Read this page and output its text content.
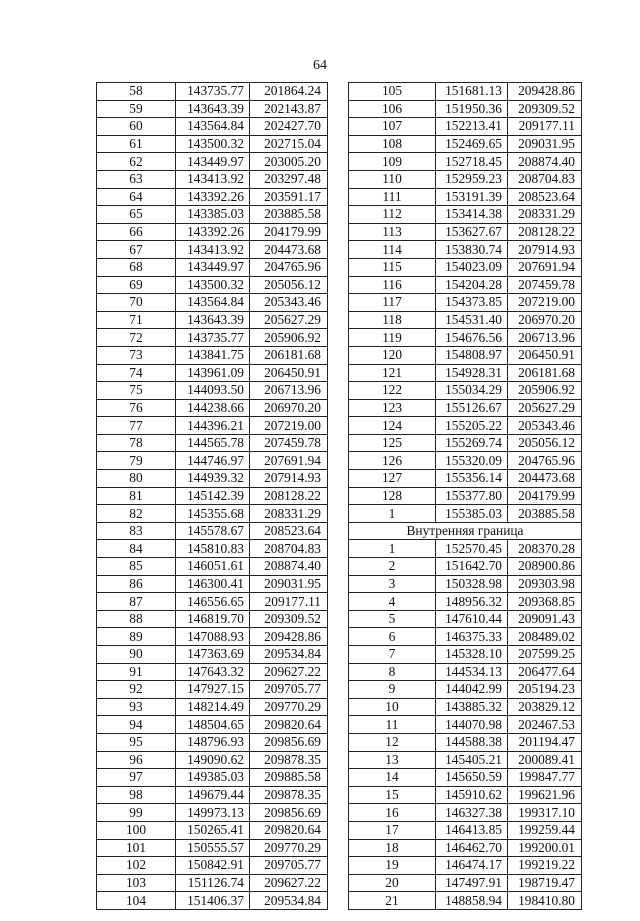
64
58	143735.77	201864.24
59	143643.39	202143.87
60	143564.84	202427.70
61	143500.32	202715.04
62	143449.97	203005.20
63	143413.92	203297.48
64	143392.26	203591.17
65	143385.03	203885.58
66	143392.26	204179.99
67	143413.92	204473.68
68	143449.97	204765.96
69	143500.32	205056.12
70	143564.84	205343.46
71	143643.39	205627.29
72	143735.77	205906.92
73	143841.75	206181.68
74	143961.09	206450.91
75	144093.50	206713.96
76	144238.66	206970.20
77	144396.21	207219.00
78	144565.78	207459.78
79	144746.97	207691.94
80	144939.32	207914.93
81	145142.39	208128.22
82	145355.68	208331.29
83	145578.67	208523.64
84	145810.83	208704.83
85	146051.61	208874.40
86	146300.41	209031.95
87	146556.65	209177.11
88	146819.70	209309.52
89	147088.93	209428.86
90	147363.69	209534.84
91	147643.32	209627.22
92	147927.15	209705.77
93	148214.49	209770.29
94	148504.65	209820.64
95	148796.93	209856.69
96	149090.62	209878.35
97	149385.03	209885.58
98	149679.44	209878.35
99	149973.13	209856.69
100	150265.41	209820.64
101	150555.57	209770.29
102	150842.91	209705.77
103	151126.74	209627.22
104	151406.37	209534.84
105	151681.13	209428.86
106	151950.36	209309.52
107	152213.41	209177.11
108	152469.65	209031.95
109	152718.45	208874.40
110	152959.23	208704.83
111	153191.39	208523.64
112	153414.38	208331.29
113	153627.67	208128.22
114	153830.74	207914.93
115	154023.09	207691.94
116	154204.28	207459.78
117	154373.85	207219.00
118	154531.40	206970.20
119	154676.56	206713.96
120	154808.97	206450.91
121	154928.31	206181.68
122	155034.29	205906.92
123	155126.67	205627.29
124	155205.22	205343.46
125	155269.74	205056.12
126	155320.09	204765.96
127	155356.14	204473.68
128	155377.80	204179.99
1	155385.03	203885.58
Внутренняя граница		
1	152570.45	208370.28
2	151642.70	208900.86
3	150328.98	209303.98
4	148956.32	209368.85
5	147610.44	209091.43
6	146375.33	208489.02
7	145328.10	207599.25
8	144534.13	206477.64
9	144042.99	205194.23
10	143885.32	203829.12
11	144070.98	202467.53
12	144588.38	201194.47
13	145405.21	200089.41
14	145650.59	199847.77
15	145910.62	199621.96
16	146327.38	199317.10
17	146413.85	199259.44
18	146462.70	199200.01
19	146474.17	199219.22
20	147497.91	198719.47
21	148858.94	198410.80
